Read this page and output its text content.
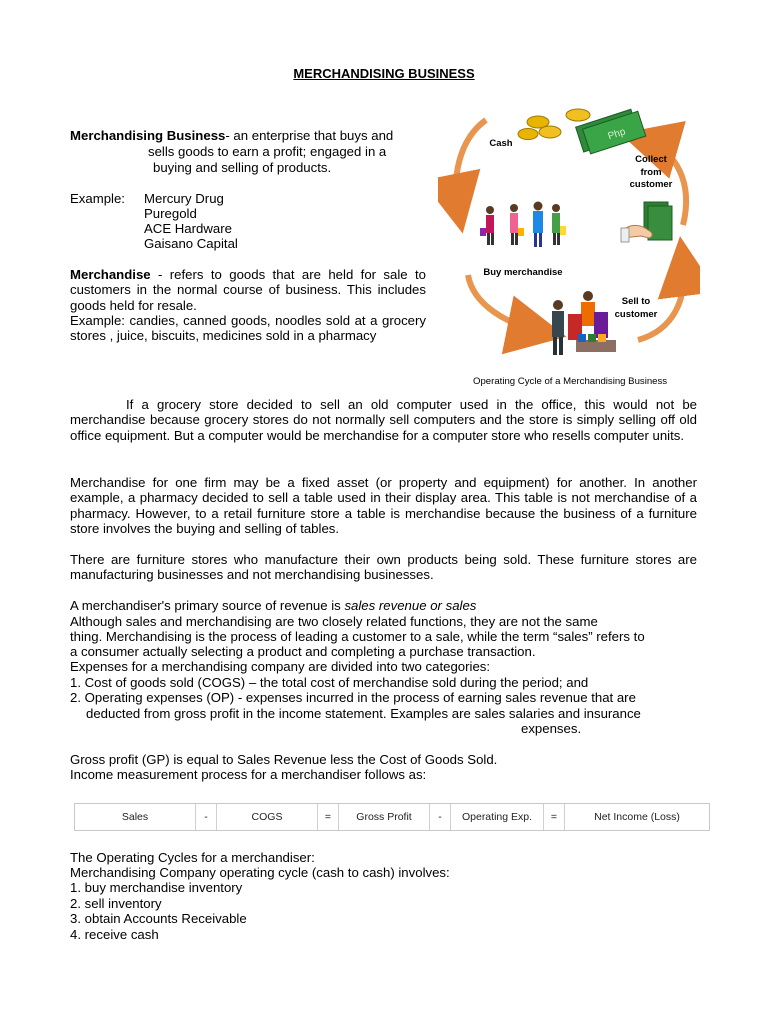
MERCHANDISING BUSINESS
Merchandising Business- an enterprise that buys and
sells goods to earn a profit; engaged in a
buying and selling of products.
Example: Mercury Drug
Puregold
ACE Hardware
Gaisano Capital
Merchandise - refers to goods that are held for sale to customers in the normal course of business. This includes goods held for resale.
Example: candies, canned goods, noodles sold at a grocery stores , juice, biscuits, medicines sold in a pharmacy
Php
Cash
Collect
from
customer
Buy merchandise
Sell to
customer
Operating Cycle of a Merchandising Business
If a grocery store decided to sell an old computer used in the office, this would not be merchandise because grocery stores do not normally sell computers and the store is simply selling off old office equipment. But a computer would be merchandise for a computer store who resells computer units.
Merchandise for one firm may be a fixed asset (or property and equipment) for another. In another example, a pharmacy decided to sell a table used in their display area. This table is not merchandise of a pharmacy. However, to a retail furniture store a table is merchandise because the business of a furniture store involves the buying and selling of tables.
There are furniture stores who manufacture their own products being sold. These furniture stores are manufacturing businesses and not merchandising businesses.
A merchandiser's primary source of revenue is sales revenue or sales
Although sales and merchandising are two closely related functions, they are not the same
thing. Merchandising is the process of leading a customer to a sale, while the term “sales” refers to
a consumer actually selecting a product and completing a purchase transaction.
Expenses for a merchandising company are divided into two categories:
1. Cost of goods sold (COGS) – the total cost of merchandise sold during the period; and
2. Operating expenses (OP) - expenses incurred in the process of earning sales revenue that are
deducted from gross profit in the income statement. Examples are sales salaries and insurance
expenses.
Gross profit (GP) is equal to Sales Revenue less the Cost of Goods Sold.
Income measurement process for a merchandiser follows as:
Sales	-	COGS	=	Gross Profit	-	Operating Exp.	=	Net Income (Loss)
The Operating Cycles for a merchandiser:
Merchandising Company operating cycle (cash to cash) involves:
1. buy merchandise inventory
2. sell inventory
3. obtain Accounts Receivable
4. receive cash
